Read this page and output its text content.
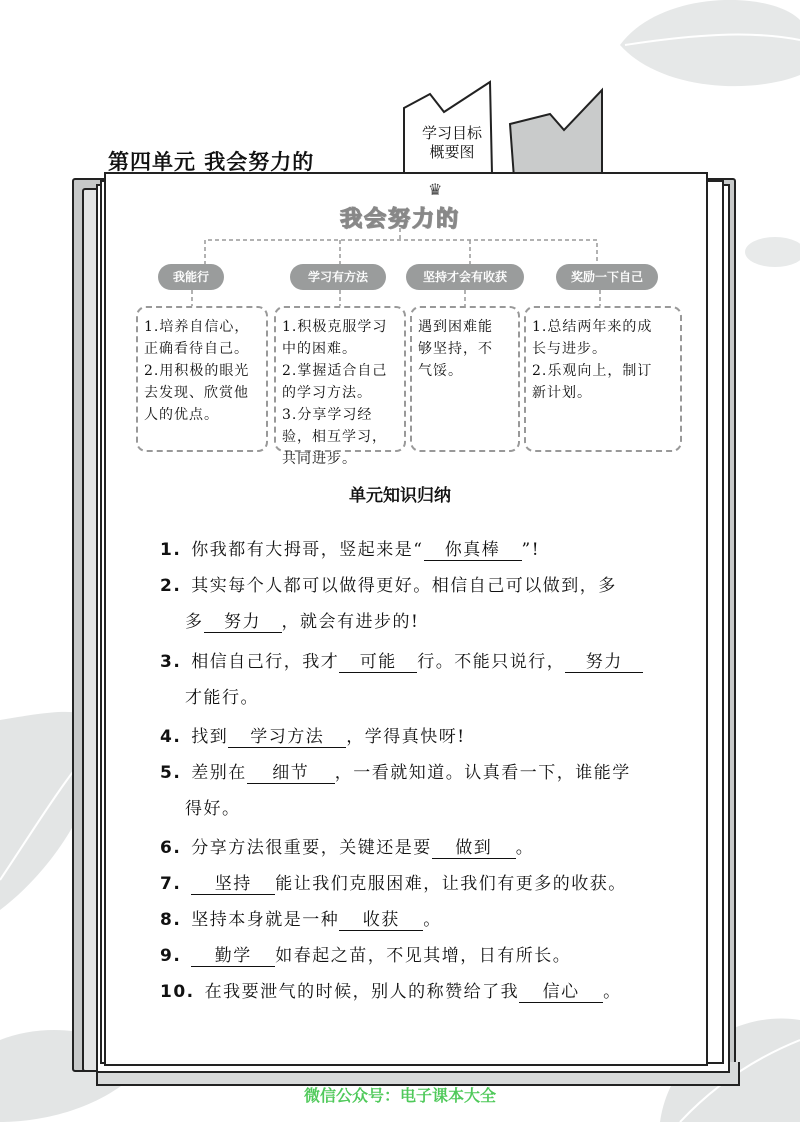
第四单元 我会努力的
学习目标
概要图
♛
我会努力的
我能行	学习有方法	坚持才会有收获	奖励一下自己
1.培养自信心，
正确看待自己。
2.用积极的眼光
去发现、欣赏他
人的优点。
1.积极克服学习
中的困难。
2.掌握适合自己
的学习方法。
3.分享学习经
验，相互学习，
共同进步。
遇到困难能
够坚持，不
气馁。
1.总结两年来的成
长与进步。
2.乐观向上，制订
新计划。
单元知识归纳
1. 你我都有大拇哥，竖起来是“ 你真棒 ”!
2. 其实每个人都可以做得更好。相信自己可以做到，多
多 努力 ，就会有进步的!
3. 相信自己行，我才 可能 行。不能只说行， 努力
才能行。
4. 找到 学习方法 ，学得真快呀!
5. 差别在 细节 ，一看就知道。认真看一下，谁能学
得好。
6. 分享方法很重要，关键还是要 做到 。
7. 坚持 能让我们克服困难，让我们有更多的收获。
8. 坚持本身就是一种 收获 。
9. 勤学 如春起之苗，不见其增，日有所长。
10. 在我要泄气的时候，别人的称赞给了我 信心 。
微信公众号：电子课本大全
